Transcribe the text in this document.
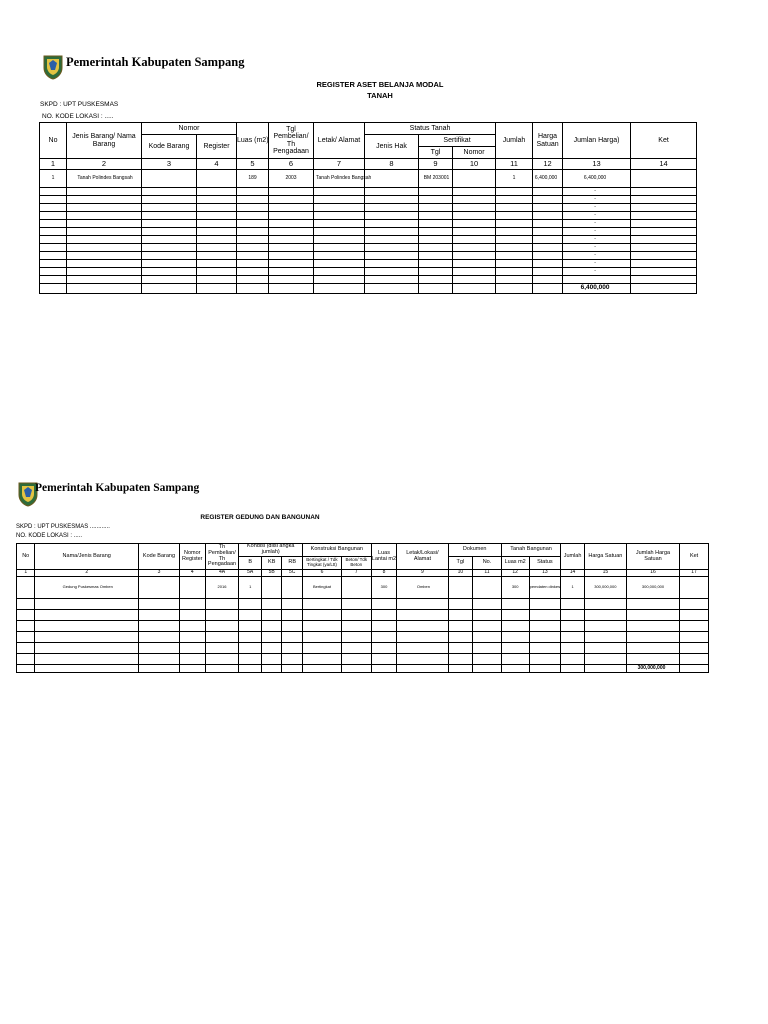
Pemerintah Kabupaten Sampang
REGISTER ASET BELANJA MODAL
TANAH
SKPD : UPT PUSKESMAS
NO. KODE LOKASI : .....
No	Jenis Barang/ Nama Barang	Nomor		Luas (m2)	Tgl Pembelian/ Th Pengadaan	Letak/ Alamat	Status Tanah			Jumlah	Harga Satuan	Jumlan Harga)	Ket
		Kode Barang	Register				Jenis Hak	Sertifikat					
								Tgl	Nomor				
1	2	3	4	5	6	7	8	9	10	11	12	13	14
1	Tanah Polindes Bangsah			189	2003	Tanah Polindes Bangsah		BM 203001		1	6,400,000	6,400,000	
												-	
												-	
												-	
												-	
												-	
												-	
												-	
												-	
												-	
												-	
												-	

												6,400,000	
Pemerintah Kabupaten Sampang
REGISTER GEDUNG DAN BANGUNAN
SKPD : UPT PUSKESMAS ............
NO. KODE LOKASI : .....
No	Nama/Jenis Barang	Kode Barang	Nomor Register	Th Pembelian/ Th Pengadaan	Kondisi (diisi angka jumlah)			Konstruksi Bangunan		Luas Lantai m2	Letak/Lokasi/ Alamat	Dokumen		Tanah Bangunan		Jumlah	Harga Satuan	Jumlah Harga Satuan	Ket
					B	KB	RB	Bertingkat / Tdk Tingkat (ya/Ltt)	Beton/ Tdk Beton			Tgl	No.	Luas m2	Status				
1	2	3	4	4A	5A	5B	5C	6	7	8	9	10	11	12	13	14	15	16	17
	Gedung Puskesmas Omben			2016	1			Bertingkat		300	Omben			300	pemdaten dinkes	1	300,000,000	300,000,000	

																		300,000,000	
